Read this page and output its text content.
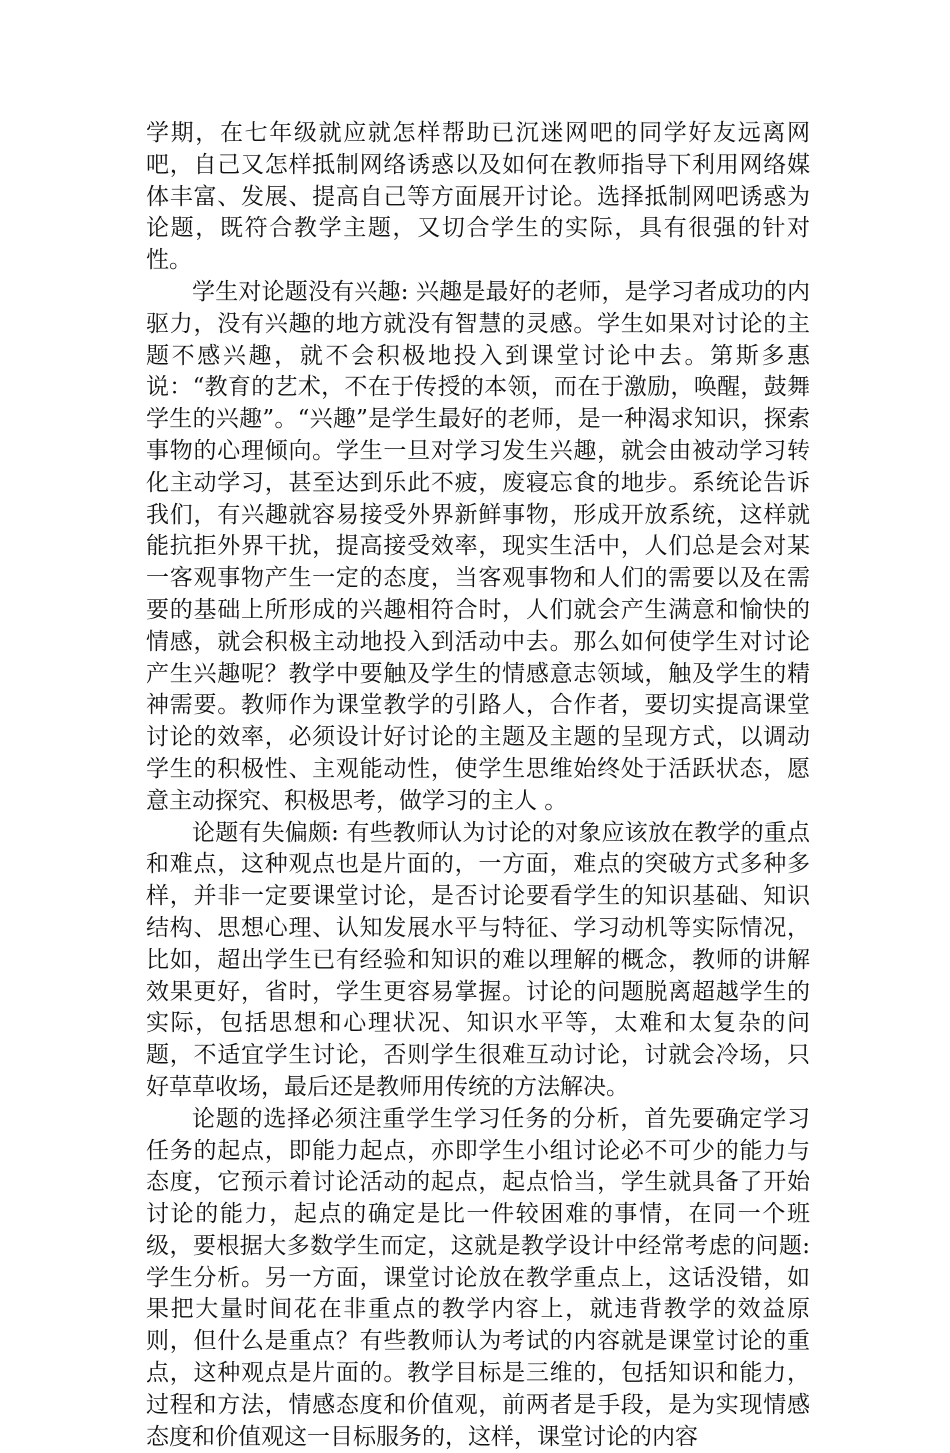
学期，在七年级就应就怎样帮助已沉迷网吧的同学好友远离网吧，自己又怎样抵制网络诱惑以及如何在教师指导下利用网络媒体丰富、发展、提高自己等方面展开讨论。选择抵制网吧诱惑为论题，既符合教学主题，又切合学生的实际，具有很强的针对性。

学生对论题没有兴趣: 兴趣是最好的老师，是学习者成功的内驱力，没有兴趣的地方就没有智慧的灵感。学生如果对讨论的主题不感兴趣，就不会积极地投入到课堂讨论中去。第斯多惠说：“教育的艺术，不在于传授的本领，而在于激励，唤醒，鼓舞学生的兴趣”。“兴趣”是学生最好的老师，是一种渴求知识，探索事物的心理倾向。学生一旦对学习发生兴趣，就会由被动学习转化主动学习，甚至达到乐此不疲，废寝忘食的地步。系统论告诉我们，有兴趣就容易接受外界新鲜事物，形成开放系统，这样就能抗拒外界干扰，提高接受效率，现实生活中，人们总是会对某一客观事物产生一定的态度，当客观事物和人们的需要以及在需要的基础上所形成的兴趣相符合时，人们就会产生满意和愉快的情感，就会积极主动地投入到活动中去。那么如何使学生对讨论产生兴趣呢？教学中要触及学生的情感意志领域，触及学生的精神需要。教师作为课堂教学的引路人，合作者，要切实提高课堂讨论的效率，必须设计好讨论的主题及主题的呈现方式，以调动学生的积极性、主观能动性，使学生思维始终处于活跃状态，愿意主动探究、积极思考，做学习的主人 。

论题有失偏颇: 有些教师认为讨论的对象应该放在教学的重点和难点，这种观点也是片面的，一方面，难点的突破方式多种多样，并非一定要课堂讨论，是否讨论要看学生的知识基础、知识结构、思想心理、认知发展水平与特征、学习动机等实际情况，比如，超出学生已有经验和知识的难以理解的概念，教师的讲解效果更好，省时，学生更容易掌握。讨论的问题脱离超越学生的实际，包括思想和心理状况、知识水平等，太难和太复杂的问题，不适宜学生讨论，否则学生很难互动讨论，讨就会冷场，只好草草收场，最后还是教师用传统的方法解决。

论题的选择必须注重学生学习任务的分析，首先要确定学习任务的起点，即能力起点，亦即学生小组讨论必不可少的能力与态度，它预示着讨论活动的起点，起点恰当，学生就具备了开始讨论的能力，起点的确定是比一件较困难的事情，在同一个班级，要根据大多数学生而定，这就是教学设计中经常考虑的问题: 学生分析。另一方面，课堂讨论放在教学重点上，这话没错，如果把大量时间花在非重点的教学内容上，就违背教学的效益原则，但什么是重点？有些教师认为考试的内容就是课堂讨论的重点，这种观点是片面的。教学目标是三维的，包括知识和能力，过程和方法，情感态度和价值观，前两者是手段，是为实现情感态度和价值观这一目标服务的，这样，课堂讨论的内容
